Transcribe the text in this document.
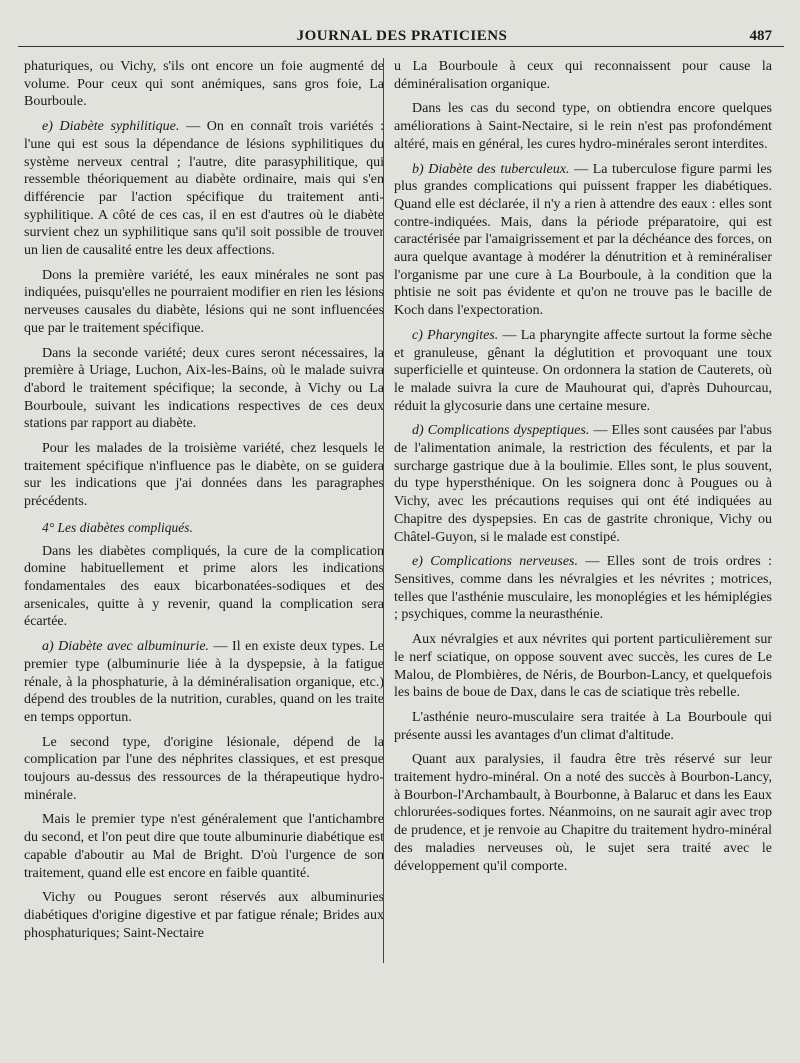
JOURNAL DES PRATICIENS	487

phaturiques, ou Vichy, s'ils ont encore un foie augmenté de volume. Pour ceux qui sont anémiques, sans gros foie, La Bourboule.

e) Diabète syphilitique. — On en connaît trois variétés : l'une qui est sous la dépendance de lésions syphilitiques du système nerveux central ; l'autre, dite parasyphilitique, qui ressemble théoriquement au diabète ordinaire, mais qui s'en différencie par l'action spécifique du traitement anti-syphilitique. A côté de ces cas, il en est d'autres où le diabète survient chez un syphilitique sans qu'il soit possible de trouver un lien de causalité entre les deux affections.

Dons la première variété, les eaux minérales ne sont pas indiquées, puisqu'elles ne pourraient modifier en rien les lésions nerveuses causales du diabète, lésions qui ne sont influencées que par le traitement spécifique.

Dans la seconde variété; deux cures seront nécessaires, la première à Uriage, Luchon, Aix-les-Bains, où le malade suivra d'abord le traitement spécifique; la seconde, à Vichy ou La Bourboule, suivant les indications respectives de ces deux stations par rapport au diabète.

Pour les malades de la troisième variété, chez lesquels le traitement spécifique n'influence pas le diabète, on se guidera sur les indications que j'ai données dans les paragraphes précédents.

4° Les diabètes compliqués.

Dans les diabètes compliqués, la cure de la complication domine habituellement et prime alors les indications fondamentales des eaux bicarbonatées-sodiques et des arsenicales, quitte à y revenir, quand la complication sera écartée.

a) Diabète avec albuminurie. — Il en existe deux types. Le premier type (albuminurie liée à la dyspepsie, à la fatigue rénale, à la phosphaturie, à la déminéralisation organique, etc.) dépend des troubles de la nutrition, curables, quand on les traite en temps opportun.

Le second type, d'origine lésionale, dépend de la complication par l'une des néphrites classiques, et est presque toujours au-dessus des ressources de la thérapeutique hydro-minérale.

Mais le premier type n'est généralement que l'antichambre du second, et l'on peut dire que toute albuminurie diabétique est capable d'aboutir au Mal de Bright. D'où l'urgence de son traitement, quand elle est encore en faible quantité.

Vichy ou Pougues seront réservés aux albuminuries diabétiques d'origine digestive et par fatigue rénale; Brides aux phosphaturiques; Saint-Nectaire

u La Bourboule à ceux qui reconnaissent pour cause la déminéralisation organique.

Dans les cas du second type, on obtiendra encore quelques améliorations à Saint-Nectaire, si le rein n'est pas profondément altéré, mais en général, les cures hydro-minérales seront interdites.

b) Diabète des tuberculeux. — La tuberculose figure parmi les plus grandes complications qui puissent frapper les diabétiques. Quand elle est déclarée, il n'y a rien à attendre des eaux : elles sont contre-indiquées. Mais, dans la période préparatoire, qui est caractérisée par l'amaigrissement et par la déchéance des forces, on aura quelque avantage à modérer la dénutrition et à reminéraliser l'organisme par une cure à La Bourboule, à la condition que la phtisie ne soit pas évidente et qu'on ne trouve pas le bacille de Koch dans l'expectoration.

c) Pharyngites. — La pharyngite affecte surtout la forme sèche et granuleuse, gênant la déglutition et provoquant une toux superficielle et quinteuse. On ordonnera la station de Cauterets, où le malade suivra la cure de Mauhourat qui, d'après Duhourcau, réduit la glycosurie dans une certaine mesure.

d) Complications dyspeptiques. — Elles sont causées par l'abus de l'alimentation animale, la restriction des féculents, et par la surcharge gastrique due à la boulimie. Elles sont, le plus souvent, du type hypersthénique. On les soignera donc à Pougues ou à Vichy, avec les précautions requises qui ont été indiquées au Chapitre des dyspepsies. En cas de gastrite chronique, Vichy ou Châtel-Guyon, si le malade est constipé.

e) Complications nerveuses. — Elles sont de trois ordres : Sensitives, comme dans les névralgies et les névrites ; motrices, telles que l'asthénie musculaire, les monoplégies et les hémiplégies ; psychiques, comme la neurasthénie.

Aux névralgies et aux névrites qui portent particulièrement sur le nerf sciatique, on oppose souvent avec succès, les cures de Le Malou, de Plombières, de Néris, de Bourbon-Lancy, et quelquefois les bains de boue de Dax, dans le cas de sciatique très rebelle.

L'asthénie neuro-musculaire sera traitée à La Bourboule qui présente aussi les avantages d'un climat d'altitude.

Quant aux paralysies, il faudra être très réservé sur leur traitement hydro-minéral. On a noté des succès à Bourbon-Lancy, à Bourbon-l'Archambault, à Bourbonne, à Balaruc et dans les Eaux chlorurées-sodiques fortes. Néanmoins, on ne saurait agir avec trop de prudence, et je renvoie au Chapitre du traitement hydro-minéral des maladies nerveuses où, le sujet sera traité avec le développement qu'il comporte.
